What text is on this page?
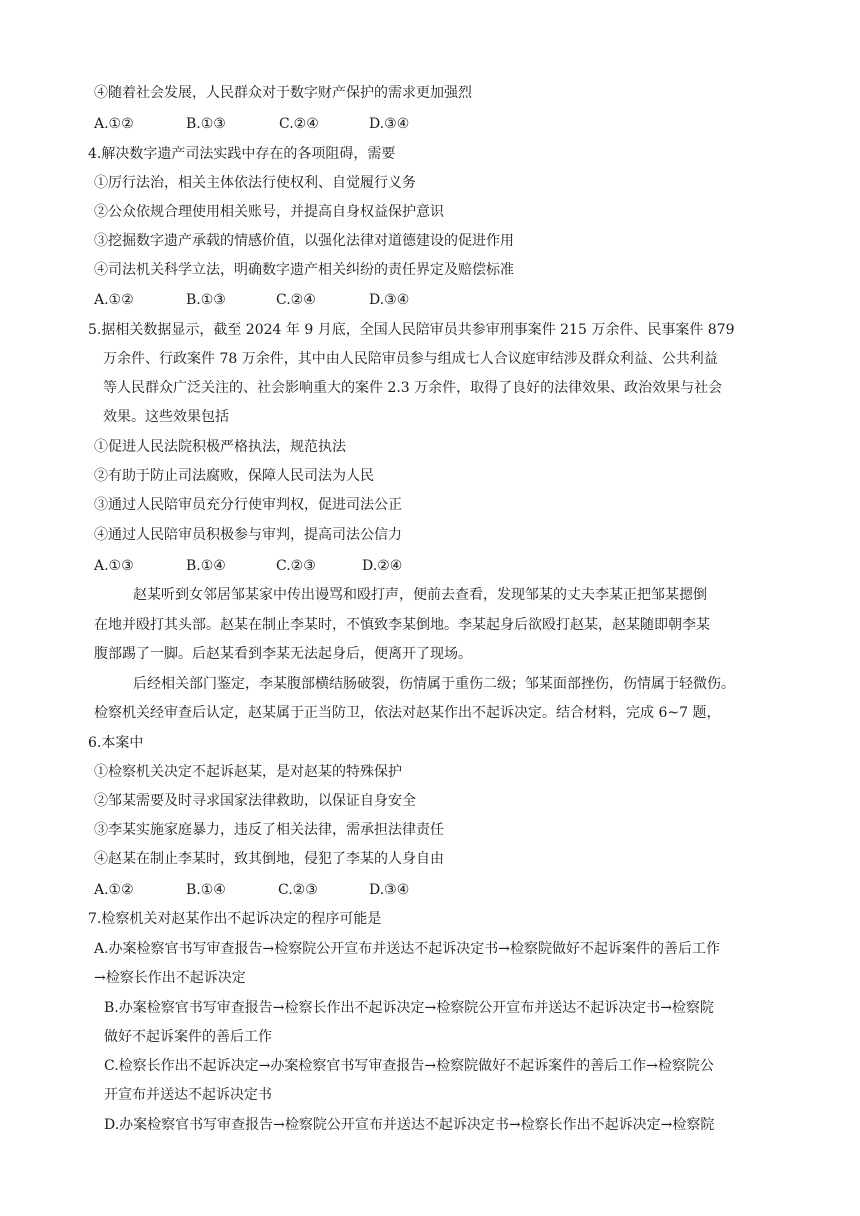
④随着社会发展，人民群众对于数字财产保护的需求更加强烈
A.①②	B.①③	C.②④	D.③④
4.解决数字遗产司法实践中存在的各项阻碍，需要
①厉行法治，相关主体依法行使权利、自觉履行义务
②公众依规合理使用相关账号，并提高自身权益保护意识
③挖掘数字遗产承载的情感价值，以强化法律对道德建设的促进作用
④司法机关科学立法，明确数字遗产相关纠纷的责任界定及赔偿标准
A.①②	B.①③	C.②④	D.③④
5.据相关数据显示，截至 2024 年 9 月底，全国人民陪审员共参审刑事案件 215 万余件、民事案件 879
万余件、行政案件 78 万余件，其中由人民陪审员参与组成七人合议庭审结涉及群众利益、公共利益
等人民群众广泛关注的、社会影响重大的案件 2.3 万余件，取得了良好的法律效果、政治效果与社会
效果。这些效果包括
①促进人民法院积极严格执法，规范执法
②有助于防止司法腐败，保障人民司法为人民
③通过人民陪审员充分行使审判权，促进司法公正
④通过人民陪审员积极参与审判，提高司法公信力
A.①③	B.①④	C.②③	D.②④
赵某听到女邻居邹某家中传出谩骂和殴打声，便前去查看，发现邹某的丈夫李某正把邹某摁倒
在地并殴打其头部。赵某在制止李某时，不慎致李某倒地。李某起身后欲殴打赵某，赵某随即朝李某
腹部踢了一脚。后赵某看到李某无法起身后，便离开了现场。
后经相关部门鉴定，李某腹部横结肠破裂，伤情属于重伤二级；邹某面部挫伤，伤情属于轻微伤。
检察机关经审查后认定，赵某属于正当防卫，依法对赵某作出不起诉决定。结合材料，完成 6~7 题，
6.本案中
①检察机关决定不起诉赵某，是对赵某的特殊保护
②邹某需要及时寻求国家法律救助，以保证自身安全
③李某实施家庭暴力，违反了相关法律，需承担法律责任
④赵某在制止李某时，致其倒地，侵犯了李某的人身自由
A.①②	B.①④	C.②③	D.③④
7.检察机关对赵某作出不起诉决定的程序可能是
A.办案检察官书写审查报告→检察院公开宣布并送达不起诉决定书→检察院做好不起诉案件的善后工作
→检察长作出不起诉决定
B.办案检察官书写审查报告→检察长作出不起诉决定→检察院公开宣布并送达不起诉决定书→检察院
做好不起诉案件的善后工作
C.检察长作出不起诉决定→办案检察官书写审查报告→检察院做好不起诉案件的善后工作→检察院公
开宣布并送达不起诉决定书
D.办案检察官书写审查报告→检察院公开宣布并送达不起诉决定书→检察长作出不起诉决定→检察院
